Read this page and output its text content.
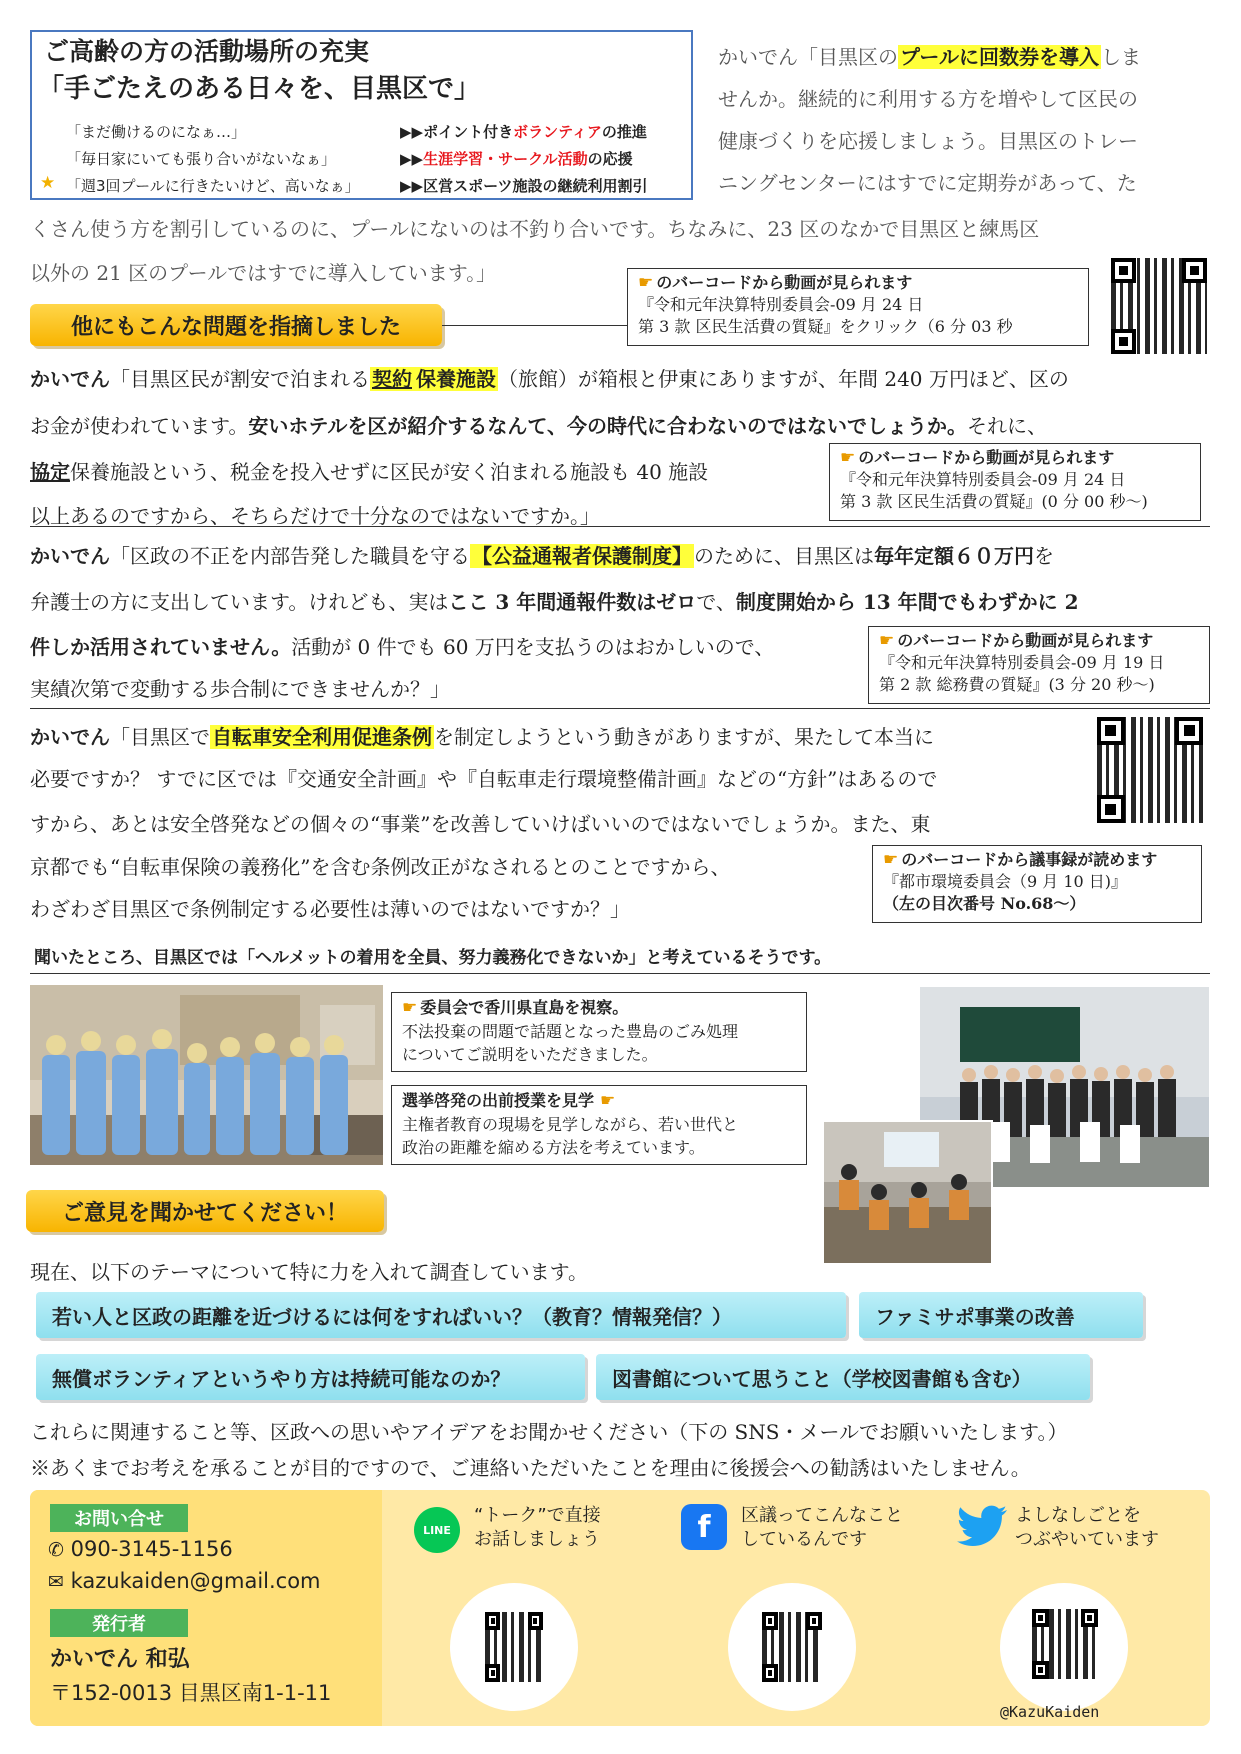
ご高齢の方の活動場所の充実
「手ごたえのある日々を、目黒区で」
「まだ働けるのになぁ…」
「毎日家にいても張り合いがないなぁ」
★ 「週3回プールに行きたいけど、高いなぁ」
▶▶ポイント付きボランティアの推進
▶▶生涯学習・サークル活動の応援
▶▶区営スポーツ施設の継続利用割引
かいでん「目黒区の プールに回数券を導入 しま
せんか。継続的に利用する方を増やして区民の
健康づくりを応援しましょう。目黒区のトレー
ニングセンターにはすでに定期券があって、た
くさん使う方を割引しているのに、プールにないのは不釣り合いです。ちなみに、23 区のなかで目黒区と練馬区
以外の 21 区のプールではすでに導入しています。」
他にもこんな問題を指摘しました
☛ のバーコードから動画が見られます
『令和元年決算特別委員会-09 月 24 日
第 3 款 区民生活費の質疑』をクリック（6 分 03 秒
かいでん「目黒区民が割安で泊まれる 契約 保養施設 （旅館）が箱根と伊東にありますが、年間 240 万円ほど、区の
お金が使われています。安いホテルを区が紹介するなんて、今の時代に合わないのではないでしょうか。それに、
協定保養施設という、税金を投入せずに区民が安く泊まれる施設も 40 施設
以上あるのですから、そちらだけで十分なのではないですか。」
☛ のバーコードから動画が見られます
『令和元年決算特別委員会-09 月 24 日
第 3 款 区民生活費の質疑』(0 分 00 秒～)
かいでん「区政の不正を内部告発した職員を守る 【公益通報者保護制度】 のために、目黒区は毎年定額６０万円を
弁護士の方に支出しています。けれども、実はここ 3 年間通報件数はゼロで、制度開始から 13 年間でもわずかに 2
件しか活用されていません。活動が 0 件でも 60 万円を支払うのはおかしいので、
実績次第で変動する歩合制にできませんか？」
☛ のバーコードから動画が見られます
『令和元年決算特別委員会-09 月 19 日
第 2 款 総務費の質疑』(3 分 20 秒～)
かいでん「目黒区で 自転車安全利用促進条例 を制定しようという動きがありますが、果たして本当に
必要ですか？ すでに区では『交通安全計画』や『自転車走行環境整備計画』などの“方針”はあるので
すから、あとは安全啓発などの個々の“事業”を改善していけばいいのではないでしょうか。また、東
京都でも“自転車保険の義務化”を含む条例改正がなされるとのことですから、
わざわざ目黒区で条例制定する必要性は薄いのではないですか？」
聞いたところ、目黒区では「ヘルメットの着用を全員、努力義務化できないか」と考えているそうです。
☛ のバーコードから議事録が読めます
『都市環境委員会（9 月 10 日)』
（左の目次番号 No.68～）
☛ 委員会で香川県直島を視察。
不法投棄の問題で話題となった豊島のごみ処理
についてご説明をいただきました。
選挙啓発の出前授業を見学 ☛
主権者教育の現場を見学しながら、若い世代と
政治の距離を縮める方法を考えています。
ご意見を聞かせてください！
現在、以下のテーマについて特に力を入れて調査しています。
若い人と区政の距離を近づけるには何をすればいい？（教育？情報発信？）	ファミサポ事業の改善
無償ボランティアというやり方は持続可能なのか？	図書館について思うこと（学校図書館も含む）
これらに関連すること等、区政への思いやアイデアをお聞かせください（下の SNS・メールでお願いいたします。）
※あくまでお考えを承ることが目的ですので、ご連絡いただいたことを理由に後援会への勧誘はいたしません。
お問い合せ
✆ 090-3145-1156
✉ kazukaiden@gmail.com
発行者
かいでん 和弘
〒152-0013 目黒区南1-1-11
LINE
“トーク”で直接
お話しましょう	f 区議ってこんなこと
しているんです
よしなしごとを
つぶやいています
@KazuKaiden
